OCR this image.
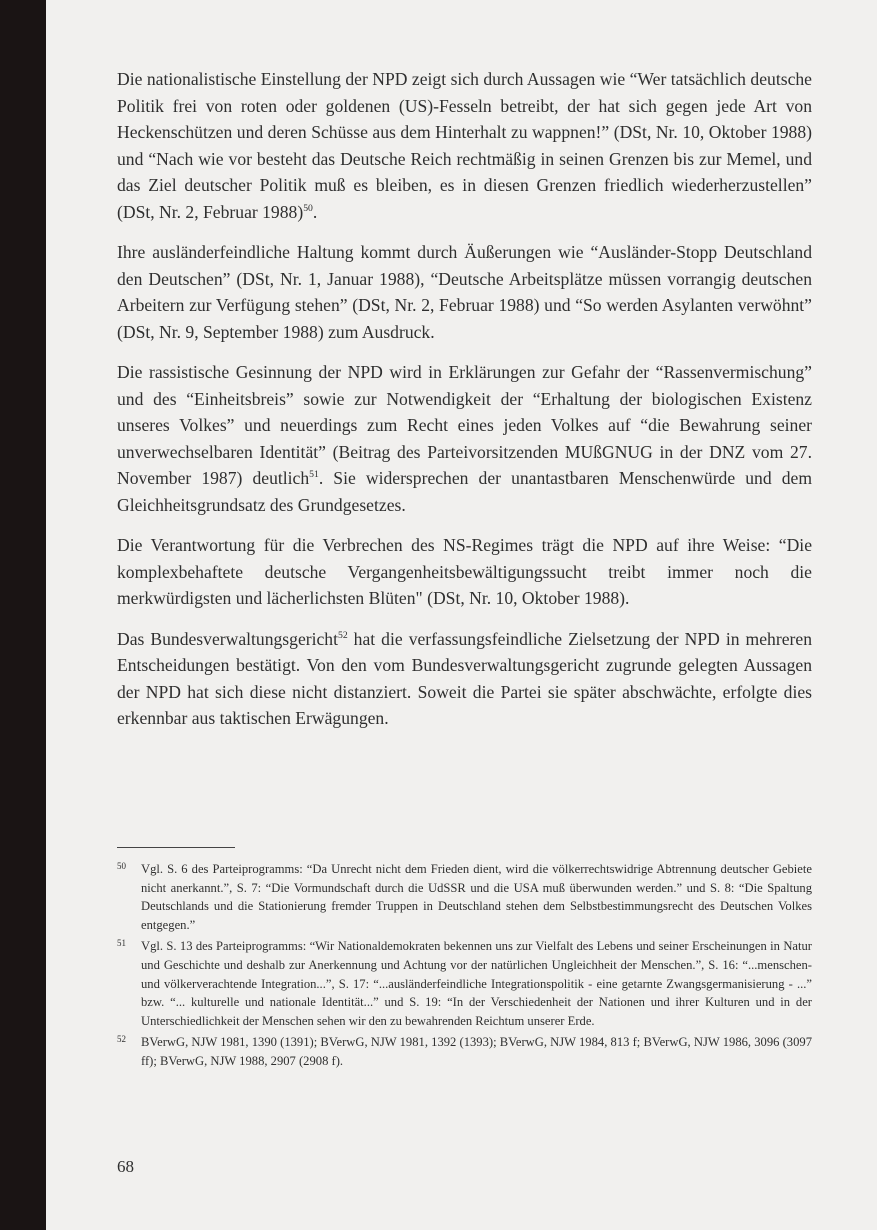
Die nationalistische Einstellung der NPD zeigt sich durch Aussagen wie “Wer tatsächlich deutsche Politik frei von roten oder goldenen (US)-Fesseln betreibt, der hat sich gegen jede Art von Heckenschützen und deren Schüsse aus dem Hinterhalt zu wappnen!” (DSt, Nr. 10, Oktober 1988) und “Nach wie vor besteht das Deutsche Reich rechtmäßig in seinen Grenzen bis zur Memel, und das Ziel deutscher Politik muß es bleiben, es in diesen Grenzen friedlich wiederherzustellen” (DSt, Nr. 2, Februar 1988)$^{50}$.

Ihre ausländerfeindliche Haltung kommt durch Äußerungen wie “Ausländer-Stopp Deutschland den Deutschen” (DSt, Nr. 1, Januar 1988), “Deutsche Arbeitsplätze müssen vorrangig deutschen Arbeitern zur Verfügung stehen” (DSt, Nr. 2, Februar 1988) und “So werden Asylanten verwöhnt” (DSt, Nr. 9, September 1988) zum Ausdruck.

Die rassistische Gesinnung der NPD wird in Erklärungen zur Gefahr der “Rassenvermischung” und des “Einheitsbreis” sowie zur Notwendigkeit der “Erhaltung der biologischen Existenz unseres Volkes” und neuerdings zum Recht eines jeden Volkes auf “die Bewahrung seiner unverwechselbaren Identität” (Beitrag des Parteivorsitzenden MUßGNUG in der DNZ vom 27. November 1987) deutlich$^{51}$. Sie widersprechen der unantastbaren Menschenwürde und dem Gleichheitsgrundsatz des Grundgesetzes.

Die Verantwortung für die Verbrechen des NS-Regimes trägt die NPD auf ihre Weise: “Die komplexbehaftete deutsche Vergangenheitsbewältigungssucht treibt immer noch die merkwürdigsten und lächerlichsten Blüten" (DSt, Nr. 10, Oktober 1988).

Das Bundesverwaltungsgericht$^{52}$ hat die verfassungsfeindliche Zielsetzung der NPD in mehreren Entscheidungen bestätigt. Von den vom Bundesverwaltungsgericht zugrunde gelegten Aussagen der NPD hat sich diese nicht distanziert. Soweit die Partei sie später abschwächte, erfolgte dies erkennbar aus taktischen Erwägungen.

50 Vgl. S. 6 des Parteiprogramms: “Da Unrecht nicht dem Frieden dient, wird die völkerrechtswidrige Abtrennung deutscher Gebiete nicht anerkannt.”, S. 7: “Die Vormundschaft durch die UdSSR und die USA muß überwunden werden.” und S. 8: “Die Spaltung Deutschlands und die Stationierung fremder Truppen in Deutschland stehen dem Selbstbestimmungsrecht des Deutschen Volkes entgegen.”
51 Vgl. S. 13 des Parteiprogramms: “Wir Nationaldemokraten bekennen uns zur Vielfalt des Lebens und seiner Erscheinungen in Natur und Geschichte und deshalb zur Anerkennung und Achtung vor der natürlichen Ungleichheit der Menschen.”, S. 16: “...menschen- und völkerverachtende Integration...”, S. 17: “...ausländerfeindliche Integrationspolitik - eine getarnte Zwangsgermanisierung - ...” bzw. “... kulturelle und nationale Identität...” und S. 19: “In der Verschiedenheit der Nationen und ihrer Kulturen und in der Unterschiedlichkeit der Menschen sehen wir den zu bewahrenden Reichtum unserer Erde.
52 BVerwG, NJW 1981, 1390 (1391); BVerwG, NJW 1981, 1392 (1393); BVerwG, NJW 1984, 813 f; BVerwG, NJW 1986, 3096 (3097 ff); BVerwG, NJW 1988, 2907 (2908 f).
68
